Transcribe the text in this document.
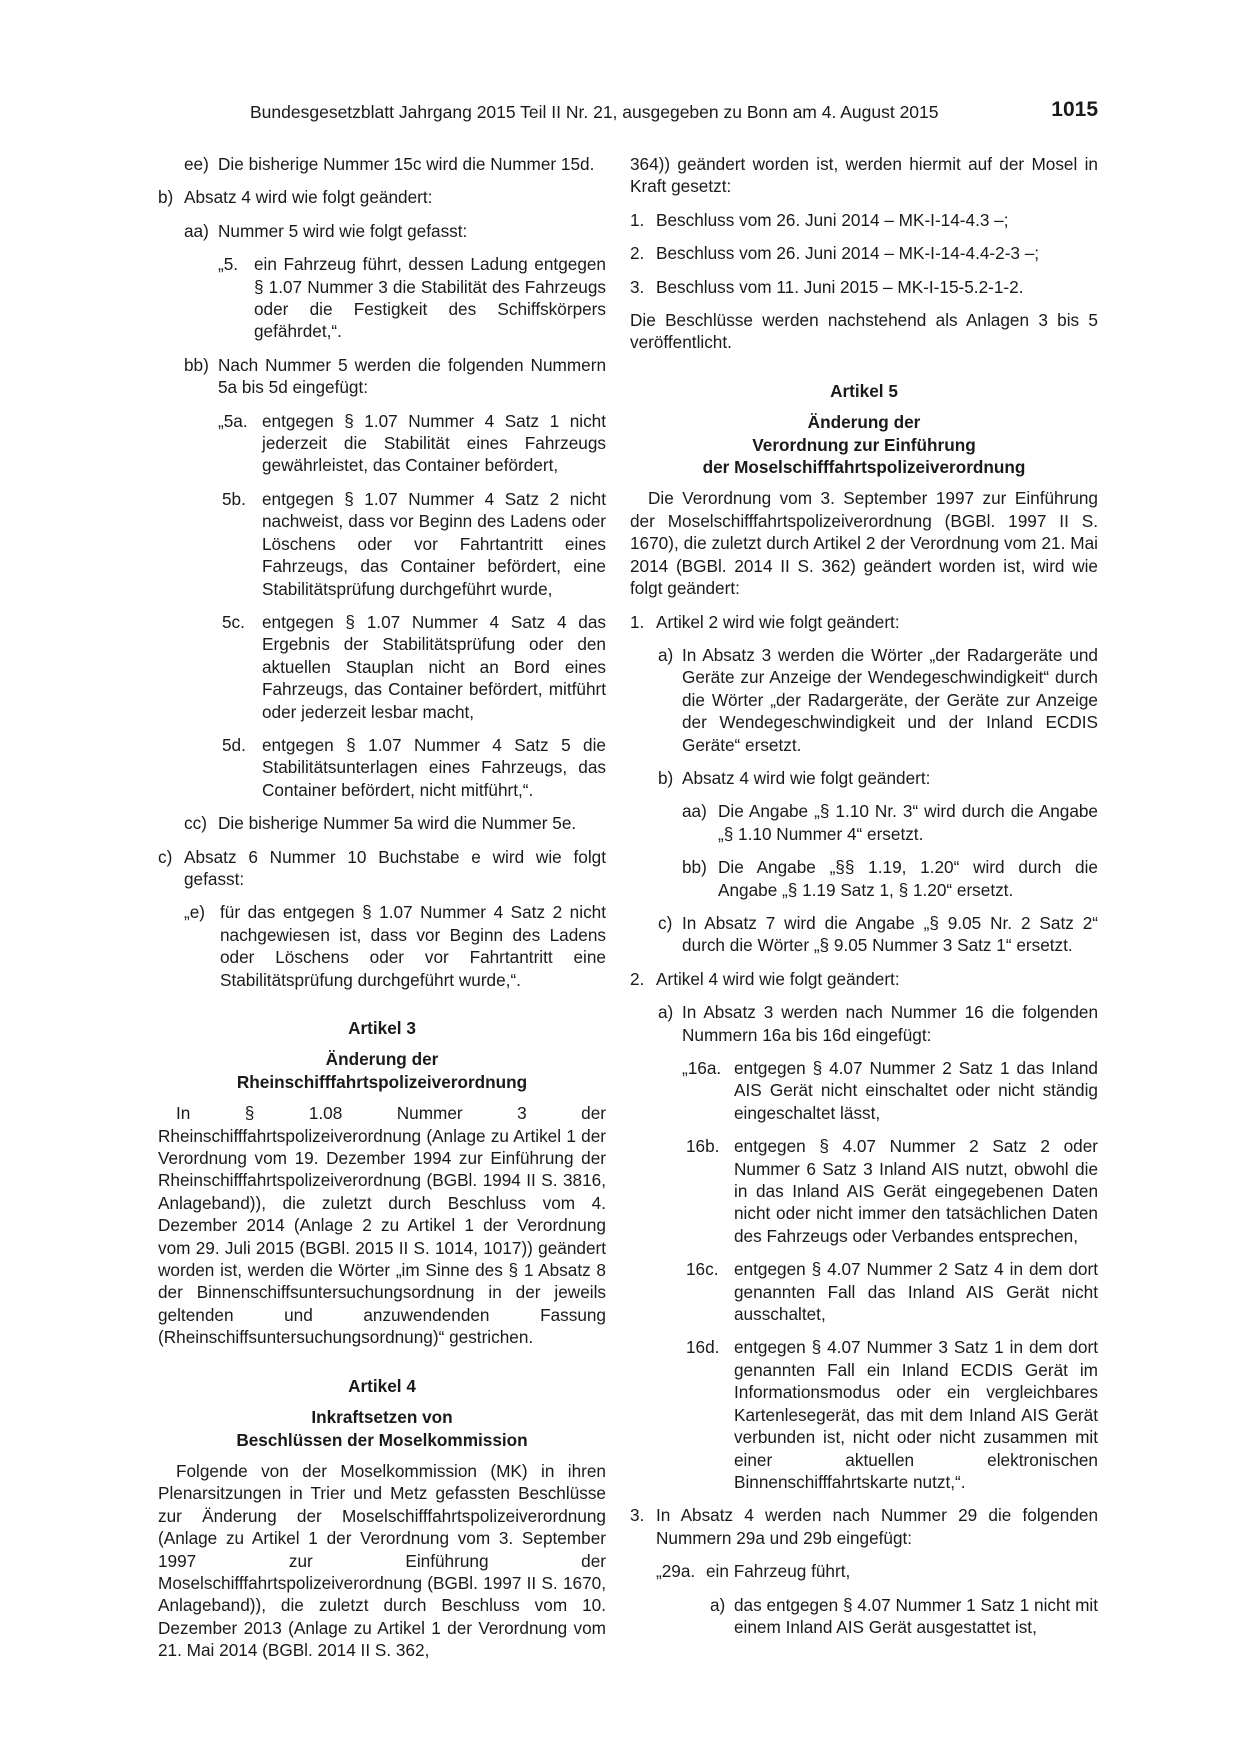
Bundesgesetzblatt Jahrgang 2015 Teil II Nr. 21, ausgegeben zu Bonn am 4. August 2015	1015
ee) Die bisherige Nummer 15c wird die Nummer 15d.
b) Absatz 4 wird wie folgt geändert:
aa) Nummer 5 wird wie folgt gefasst:
„5. ein Fahrzeug führt, dessen Ladung entgegen § 1.07 Nummer 3 die Stabilität des Fahrzeugs oder die Festigkeit des Schiffskörpers gefährdet,“.
bb) Nach Nummer 5 werden die folgenden Nummern 5a bis 5d eingefügt:
„5a. entgegen § 1.07 Nummer 4 Satz 1 nicht jederzeit die Stabilität eines Fahrzeugs gewährleistet, das Container befördert,
5b. entgegen § 1.07 Nummer 4 Satz 2 nicht nachweist, dass vor Beginn des Ladens oder Löschens oder vor Fahrtantritt eines Fahrzeugs, das Container befördert, eine Stabilitätsprüfung durchgeführt wurde,
5c. entgegen § 1.07 Nummer 4 Satz 4 das Ergebnis der Stabilitätsprüfung oder den aktuellen Stauplan nicht an Bord eines Fahrzeugs, das Container befördert, mitführt oder jederzeit lesbar macht,
5d. entgegen § 1.07 Nummer 4 Satz 5 die Stabilitätsunterlagen eines Fahrzeugs, das Container befördert, nicht mitführt,“.
cc) Die bisherige Nummer 5a wird die Nummer 5e.
c) Absatz 6 Nummer 10 Buchstabe e wird wie folgt gefasst:
„e) für das entgegen § 1.07 Nummer 4 Satz 2 nicht nachgewiesen ist, dass vor Beginn des Ladens oder Löschens oder vor Fahrtantritt eine Stabilitätsprüfung durchgeführt wurde,“.
Artikel 3
Änderung der
Rheinschifffahrtspolizeiverordnung
In § 1.08 Nummer 3 der Rheinschifffahrtspolizeiverordnung (Anlage zu Artikel 1 der Verordnung vom 19. Dezember 1994 zur Einführung der Rheinschifffahrtspolizeiverordnung (BGBl. 1994 II S. 3816, Anlageband)), die zuletzt durch Beschluss vom 4. Dezember 2014 (Anlage 2 zu Artikel 1 der Verordnung vom 29. Juli 2015 (BGBl. 2015 II S. 1014, 1017)) geändert worden ist, werden die Wörter „im Sinne des § 1 Absatz 8 der Binnenschiffsuntersuchungsordnung in der jeweils geltenden und anzuwendenden Fassung (Rheinschiffsuntersuchungsordnung)“ gestrichen.
Artikel 4
Inkraftsetzen von
Beschlüssen der Moselkommission
Folgende von der Moselkommission (MK) in ihren Plenarsitzungen in Trier und Metz gefassten Beschlüsse zur Änderung der Moselschifffahrtspolizeiverordnung (Anlage zu Artikel 1 der Verordnung vom 3. September 1997 zur Einführung der Moselschifffahrtspolizeiverordnung (BGBl. 1997 II S. 1670, Anlageband)), die zuletzt durch Beschluss vom 10. Dezember 2013 (Anlage zu Artikel 1 der Verordnung vom 21. Mai 2014 (BGBl. 2014 II S. 362,
364)) geändert worden ist, werden hiermit auf der Mosel in Kraft gesetzt:
1. Beschluss vom 26. Juni 2014 – MK-I-14-4.3 –;
2. Beschluss vom 26. Juni 2014 – MK-I-14-4.4-2-3 –;
3. Beschluss vom 11. Juni 2015 – MK-I-15-5.2-1-2.
Die Beschlüsse werden nachstehend als Anlagen 3 bis 5 veröffentlicht.
Artikel 5
Änderung der
Verordnung zur Einführung
der Moselschifffahrtspolizeiverordnung
Die Verordnung vom 3. September 1997 zur Einführung der Moselschifffahrtspolizeiverordnung (BGBl. 1997 II S. 1670), die zuletzt durch Artikel 2 der Verordnung vom 21. Mai 2014 (BGBl. 2014 II S. 362) geändert worden ist, wird wie folgt geändert:
1. Artikel 2 wird wie folgt geändert:
a) In Absatz 3 werden die Wörter „der Radargeräte und Geräte zur Anzeige der Wendegeschwindigkeit“ durch die Wörter „der Radargeräte, der Geräte zur Anzeige der Wendegeschwindigkeit und der Inland ECDIS Geräte“ ersetzt.
b) Absatz 4 wird wie folgt geändert:
aa) Die Angabe „§ 1.10 Nr. 3“ wird durch die Angabe „§ 1.10 Nummer 4“ ersetzt.
bb) Die Angabe „§§ 1.19, 1.20“ wird durch die Angabe „§ 1.19 Satz 1, § 1.20“ ersetzt.
c) In Absatz 7 wird die Angabe „§ 9.05 Nr. 2 Satz 2“ durch die Wörter „§ 9.05 Nummer 3 Satz 1“ ersetzt.
2. Artikel 4 wird wie folgt geändert:
a) In Absatz 3 werden nach Nummer 16 die folgenden Nummern 16a bis 16d eingefügt:
„16a. entgegen § 4.07 Nummer 2 Satz 1 das Inland AIS Gerät nicht einschaltet oder nicht ständig eingeschaltet lässt,
16b. entgegen § 4.07 Nummer 2 Satz 2 oder Nummer 6 Satz 3 Inland AIS nutzt, obwohl die in das Inland AIS Gerät eingegebenen Daten nicht oder nicht immer den tatsächlichen Daten des Fahrzeugs oder Verbandes entsprechen,
16c. entgegen § 4.07 Nummer 2 Satz 4 in dem dort genannten Fall das Inland AIS Gerät nicht ausschaltet,
16d. entgegen § 4.07 Nummer 3 Satz 1 in dem dort genannten Fall ein Inland ECDIS Gerät im Informationsmodus oder ein vergleichbares Kartenlesegerät, das mit dem Inland AIS Gerät verbunden ist, nicht oder nicht zusammen mit einer aktuellen elektronischen Binnenschifffahrtskarte nutzt,“.
3. In Absatz 4 werden nach Nummer 29 die folgenden Nummern 29a und 29b eingefügt:
„29a. ein Fahrzeug führt,
a) das entgegen § 4.07 Nummer 1 Satz 1 nicht mit einem Inland AIS Gerät ausgestattet ist,
